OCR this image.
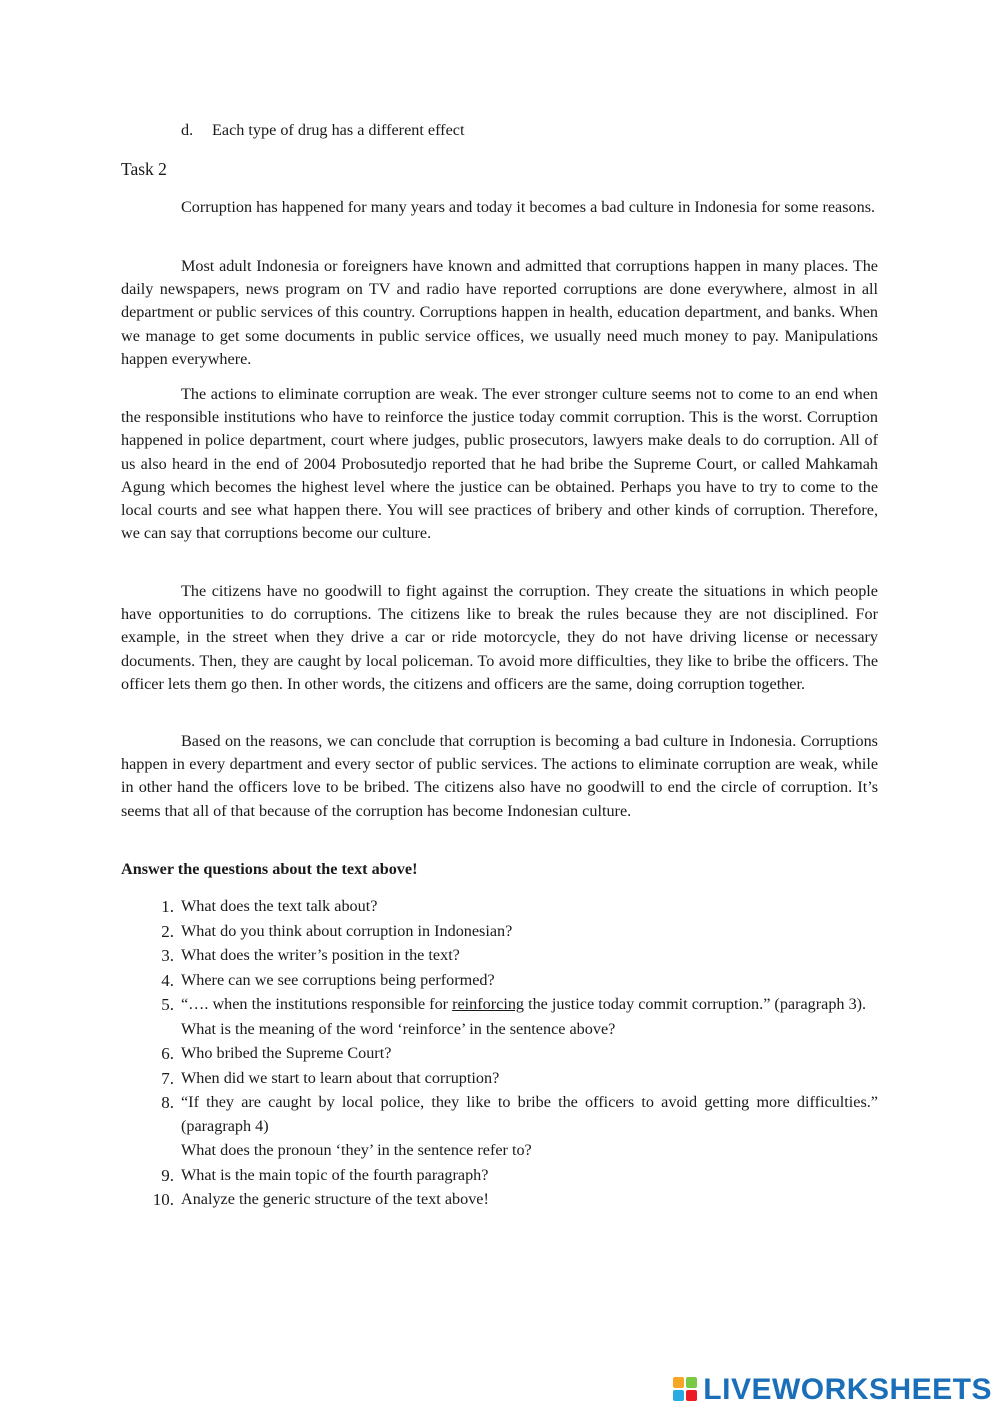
d. Each type of drug has a different effect
Task 2

Corruption has happened for many years and today it becomes a bad culture in Indonesia for some reasons.

Most adult Indonesia or foreigners have known and admitted that corruptions happen in many places. The daily newspapers, news program on TV and radio have reported corruptions are done everywhere, almost in all department or public services of this country. Corruptions happen in health, education department, and banks. When we manage to get some documents in public service offices, we usually need much money to pay. Manipulations happen everywhere.

The actions to eliminate corruption are weak. The ever stronger culture seems not to come to an end when the responsible institutions who have to reinforce the justice today commit corruption. This is the worst. Corruption happened in police department, court where judges, public prosecutors, lawyers make deals to do corruption. All of us also heard in the end of 2004 Probosutedjo reported that he had bribe the Supreme Court, or called Mahkamah Agung which becomes the highest level where the justice can be obtained. Perhaps you have to try to come to the local courts and see what happen there. You will see practices of bribery and other kinds of corruption. Therefore, we can say that corruptions become our culture.

The citizens have no goodwill to fight against the corruption. They create the situations in which people have opportunities to do corruptions. The citizens like to break the rules because they are not disciplined. For example, in the street when they drive a car or ride motorcycle, they do not have driving license or necessary documents. Then, they are caught by local policeman. To avoid more difficulties, they like to bribe the officers. The officer lets them go then. In other words, the citizens and officers are the same, doing corruption together.

Based on the reasons, we can conclude that corruption is becoming a bad culture in Indonesia. Corruptions happen in every department and every sector of public services. The actions to eliminate corruption are weak, while in other hand the officers love to be bribed. The citizens also have no goodwill to end the circle of corruption. It’s seems that all of that because of the corruption has become Indonesian culture.

Answer the questions about the text above!
1. What does the text talk about?
2. What do you think about corruption in Indonesian?
3. What does the writer’s position in the text?
4. Where can we see corruptions being performed?
5. “…. when the institutions responsible for reinforcing the justice today commit corruption.” (paragraph 3).
What is the meaning of the word ‘reinforce’ in the sentence above?
6. Who bribed the Supreme Court?
7. When did we start to learn about that corruption?
8. “If they are caught by local police, they like to bribe the officers to avoid getting more difficulties.” (paragraph 4)
What does the pronoun ‘they’ in the sentence refer to?
9. What is the main topic of the fourth paragraph?
10. Analyze the generic structure of the text above!
LIVEWORKSHEETS
